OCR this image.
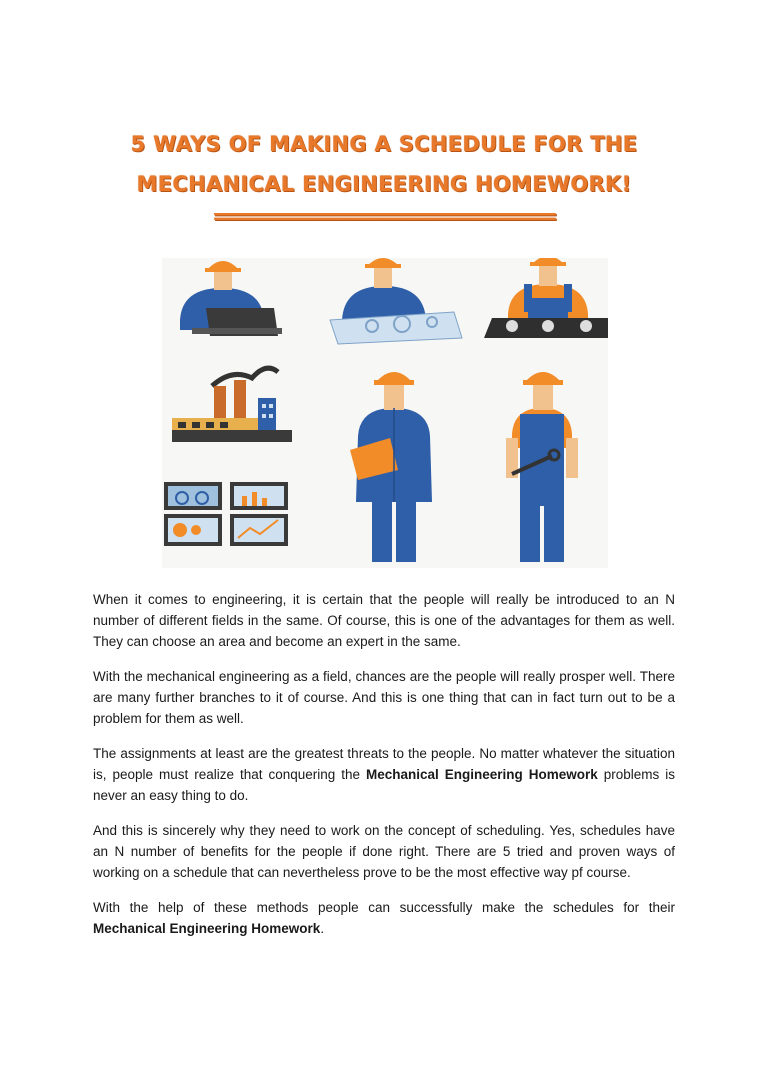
5 WAYS OF MAKING A SCHEDULE FOR THE
MECHANICAL ENGINEERING HOMEWORK!
==================================

When it comes to engineering, it is certain that the people will really be introduced to an N number of different fields in the same. Of course, this is one of the advantages for them as well. They can choose an area and become an expert in the same.

With the mechanical engineering as a field, chances are the people will really prosper well. There are many further branches to it of course. And this is one thing that can in fact turn out to be a problem for them as well.

The assignments at least are the greatest threats to the people. No matter whatever the situation is, people must realize that conquering the Mechanical Engineering Homework problems is never an easy thing to do.

And this is sincerely why they need to work on the concept of scheduling. Yes, schedules have an N number of benefits for the people if done right. There are 5 tried and proven ways of working on a schedule that can nevertheless prove to be the most effective way pf course.

With the help of these methods people can successfully make the schedules for their Mechanical Engineering Homework.
